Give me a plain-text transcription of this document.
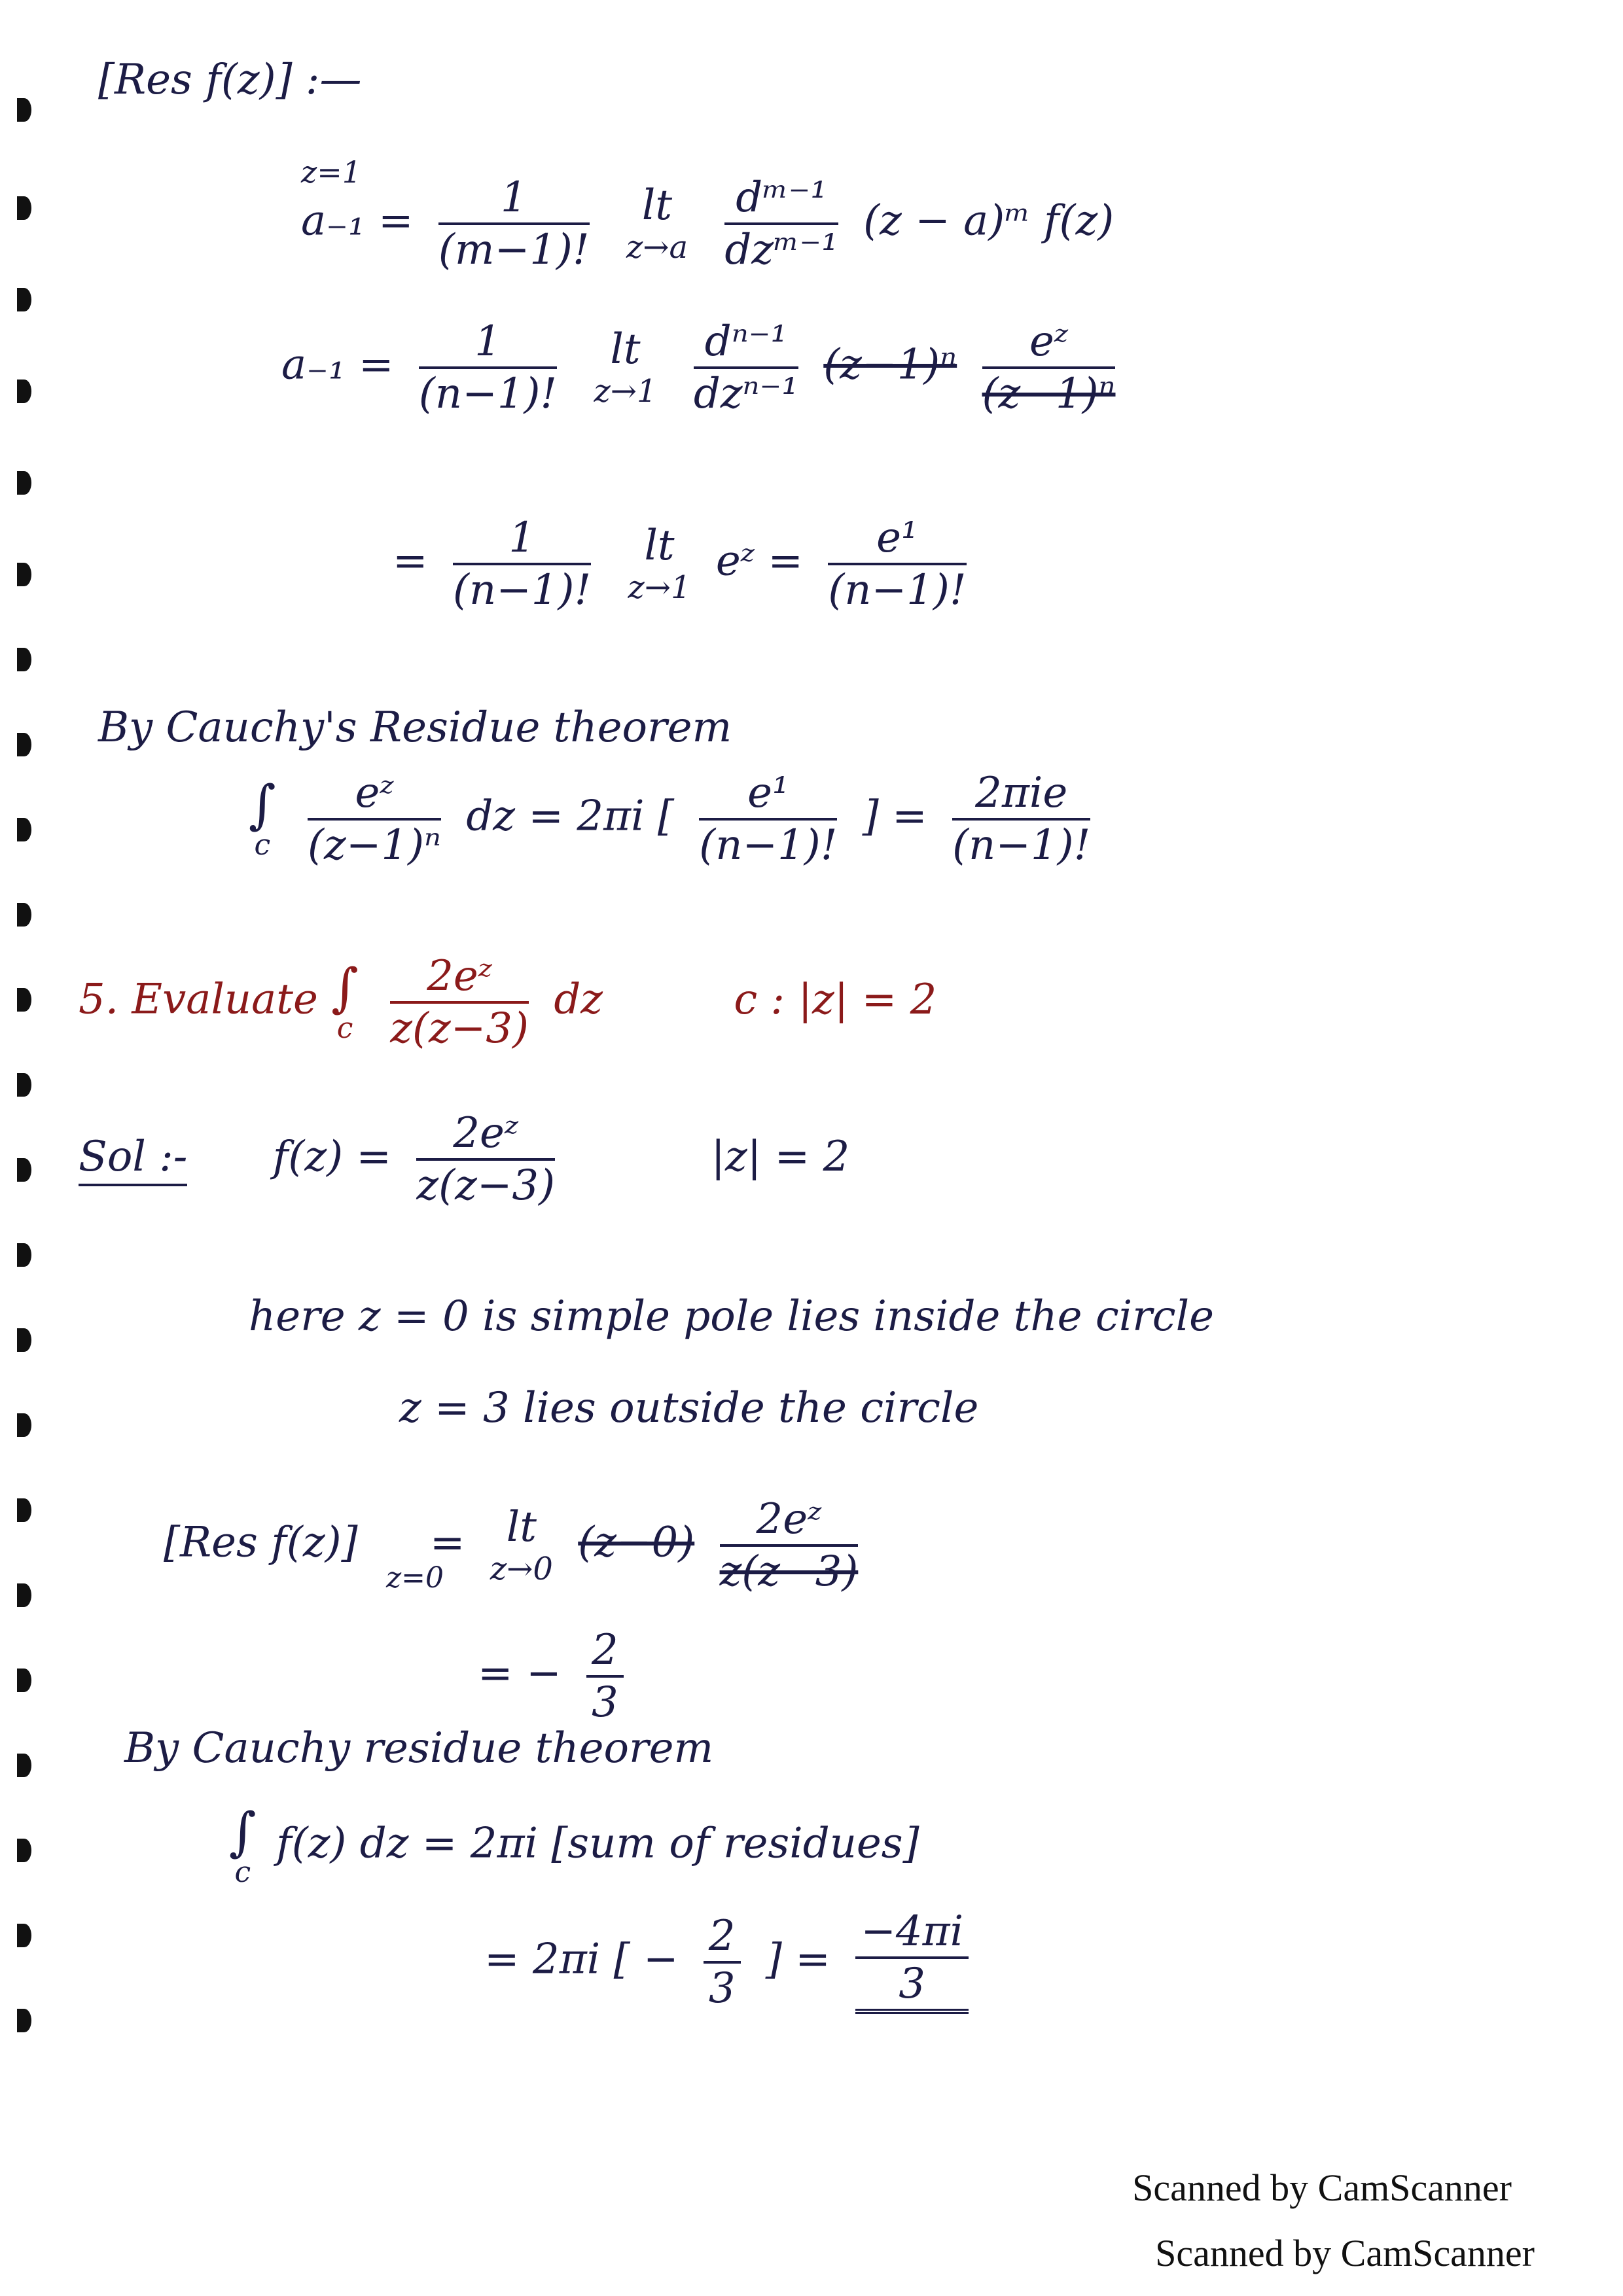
[Res f(z)] :—
z=1
$a_{-1} = \frac{1}{(m-1)!}$
	lt
z→a
$\frac{\text{dᵐ⁻¹}}{\text{dzᵐ⁻¹}} (z$ − a)ᵐ f(z)
$a_{-1} = \frac{1}{(n-1)!}$
	lt
z→1
$\frac{\text{dⁿ⁻¹}}{\text{dzⁿ⁻¹}} (z-1)^n \frac{\text{eᶻ}}{\text{(z−1)ⁿ}}$
= $\frac{1}{(n-1)!}$
	lt
z→1
eᶻ = $\frac{\text{e¹}}{(n-1)!}$
By Cauchy's Residue theorem
∫
c
$\frac{\text{eᶻ}}{\text{(z−1)ⁿ}}$ dz = 2πi [ $\frac{\text{e¹}}{(n-1)!}$ ] = $\frac{\text{2πie}}{(n-1)!}$
5. Evaluate ∫
c
$\frac{\text{2eᶻ}}{z(z-3)}$ dz	c : |z| = 2
Sol :- $f(z) = \frac{\text{2eᶻ}}{z(z-3)}$	|z| = 2
here z = 0 is simple pole lies inside the circle
z = 3 lies outside the circle
[Res f(z)] = lt
z→0
$(z-0) \frac{\text{2eᶻ}}{z(z-3)}$
z=0
= − $\frac{2}{3}$
By Cauchy residue theorem
∫
c
f(z) dz = 2πi [sum of residues]
= 2πi [ − $\frac{2}{3}$ ] = $\frac{-4\pi i}{3}$
Scanned by CamScanner
Scanned by CamScanner
